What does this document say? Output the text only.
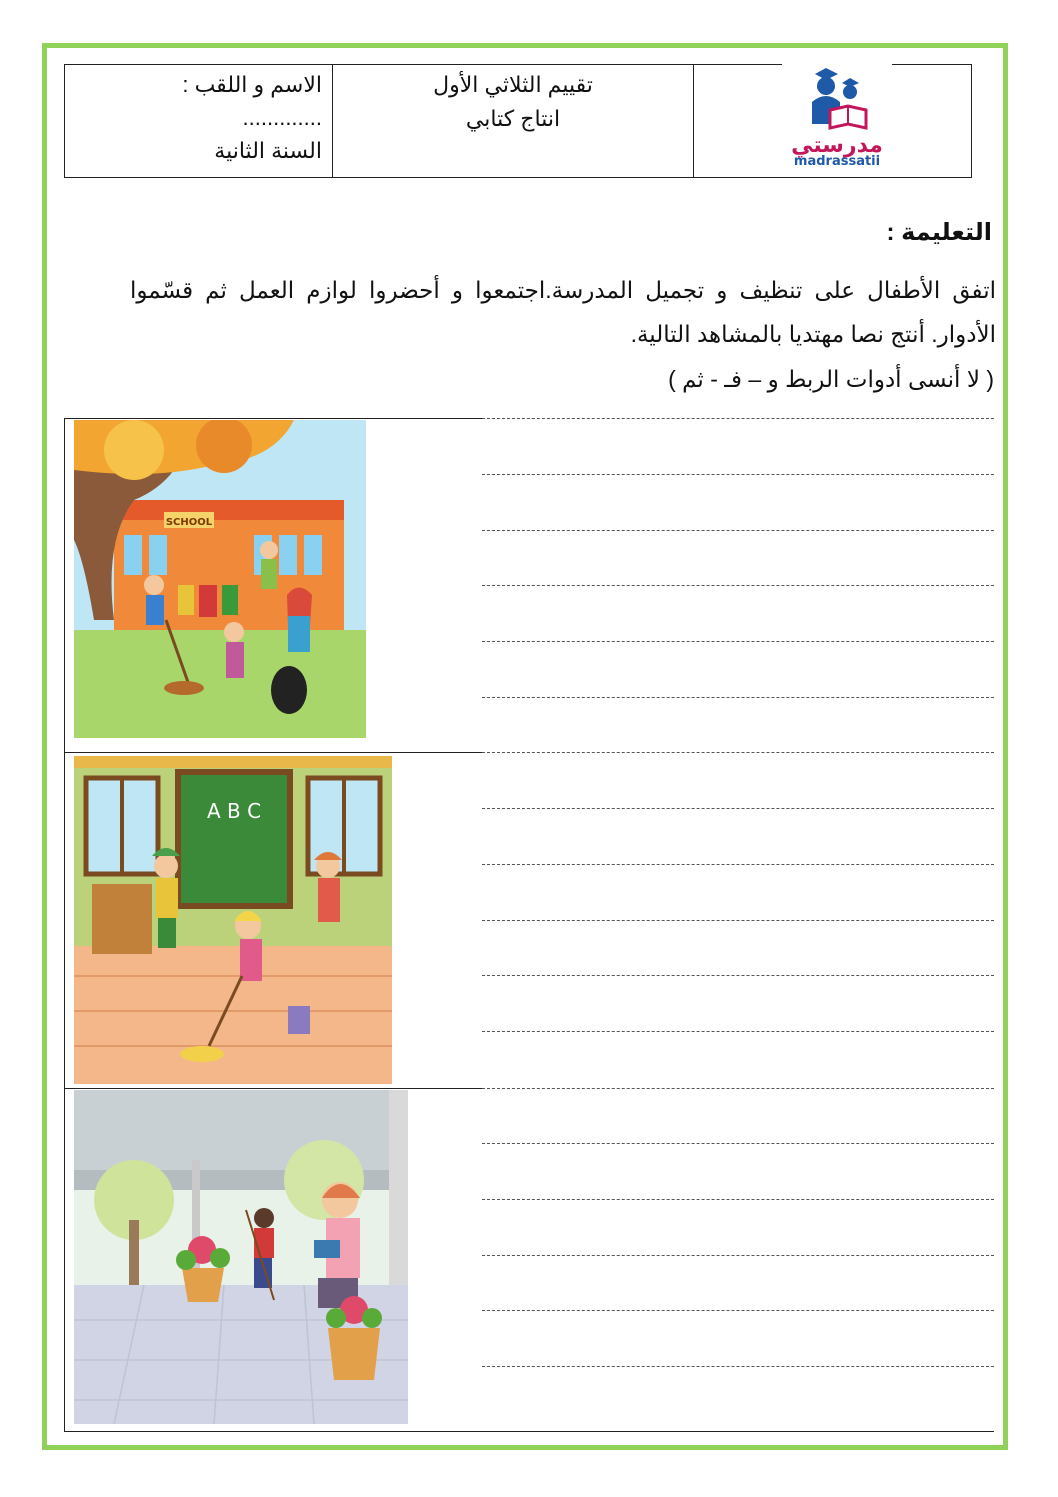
الاسم و اللقب :
.............
السنة الثانية
تقييم الثلاثي الأول
انتاج كتابي
مدرستي
madrassatii
التعليمة :
اتفق الأطفال على تنظيف و تجميل المدرسة.اجتمعوا و أحضروا لوازم العمل ثم قسّموا الأدوار. أنتج نصا مهتديا بالمشاهد التالية.
( لا أنسى أدوات الربط و – فـ - ثم )
SCHOOL
A B C
